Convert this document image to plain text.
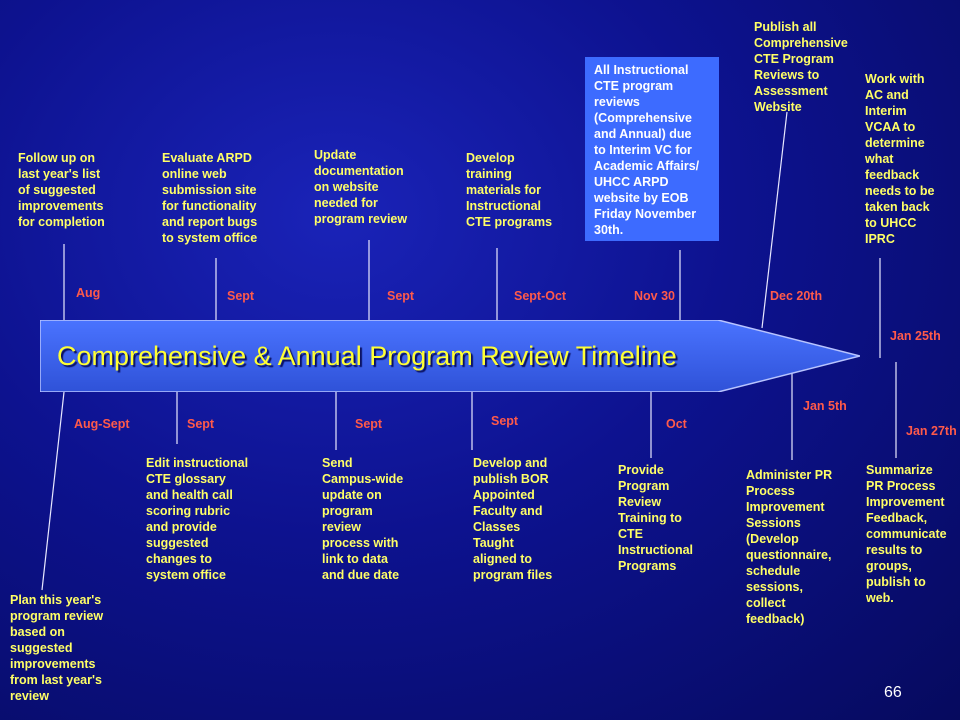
Comprehensive & Annual Program Review Timeline
Aug

Follow up on
last year's list
of suggested
improvements
for completion

Sept

Evaluate ARPD
online web
submission site
for functionality
and report bugs
to system office

Sept

Update
documentation
on website
needed for
program review

Sept-Oct

Develop
training
materials for
Instructional
CTE programs

Nov 30

All Instructional
CTE program
reviews
(Comprehensive
and Annual) due
to Interim VC for
Academic Affairs/
UHCC ARPD
website by EOB
Friday November
30th.

Dec 20th

Publish all
Comprehensive
CTE Program
Reviews to
Assessment
Website

Jan 25th

Work with
AC and
Interim
VCAA to
determine
what
feedback
needs to be
taken back
to UHCC
IPRC

Aug-Sept

Plan this year's
program review
based on
suggested
improvements
from last year's
review

Sept

Edit instructional
CTE glossary
and health call
scoring rubric
and provide
suggested
changes to
system office

Sept

Send
Campus-wide
update on
program
review
process with
link to data
and due date

Sept

Develop and
publish BOR
Appointed
Faculty and
Classes
Taught
aligned to
program files

Oct

Provide
Program
Review
Training to
CTE
Instructional
Programs

Jan 5th

Administer PR
Process
Improvement
Sessions
(Develop
questionnaire,
schedule
sessions,
collect
feedback)

Jan 27th

Summarize
PR Process
Improvement
Feedback,
communicate
results to
groups,
publish to
web.

66
